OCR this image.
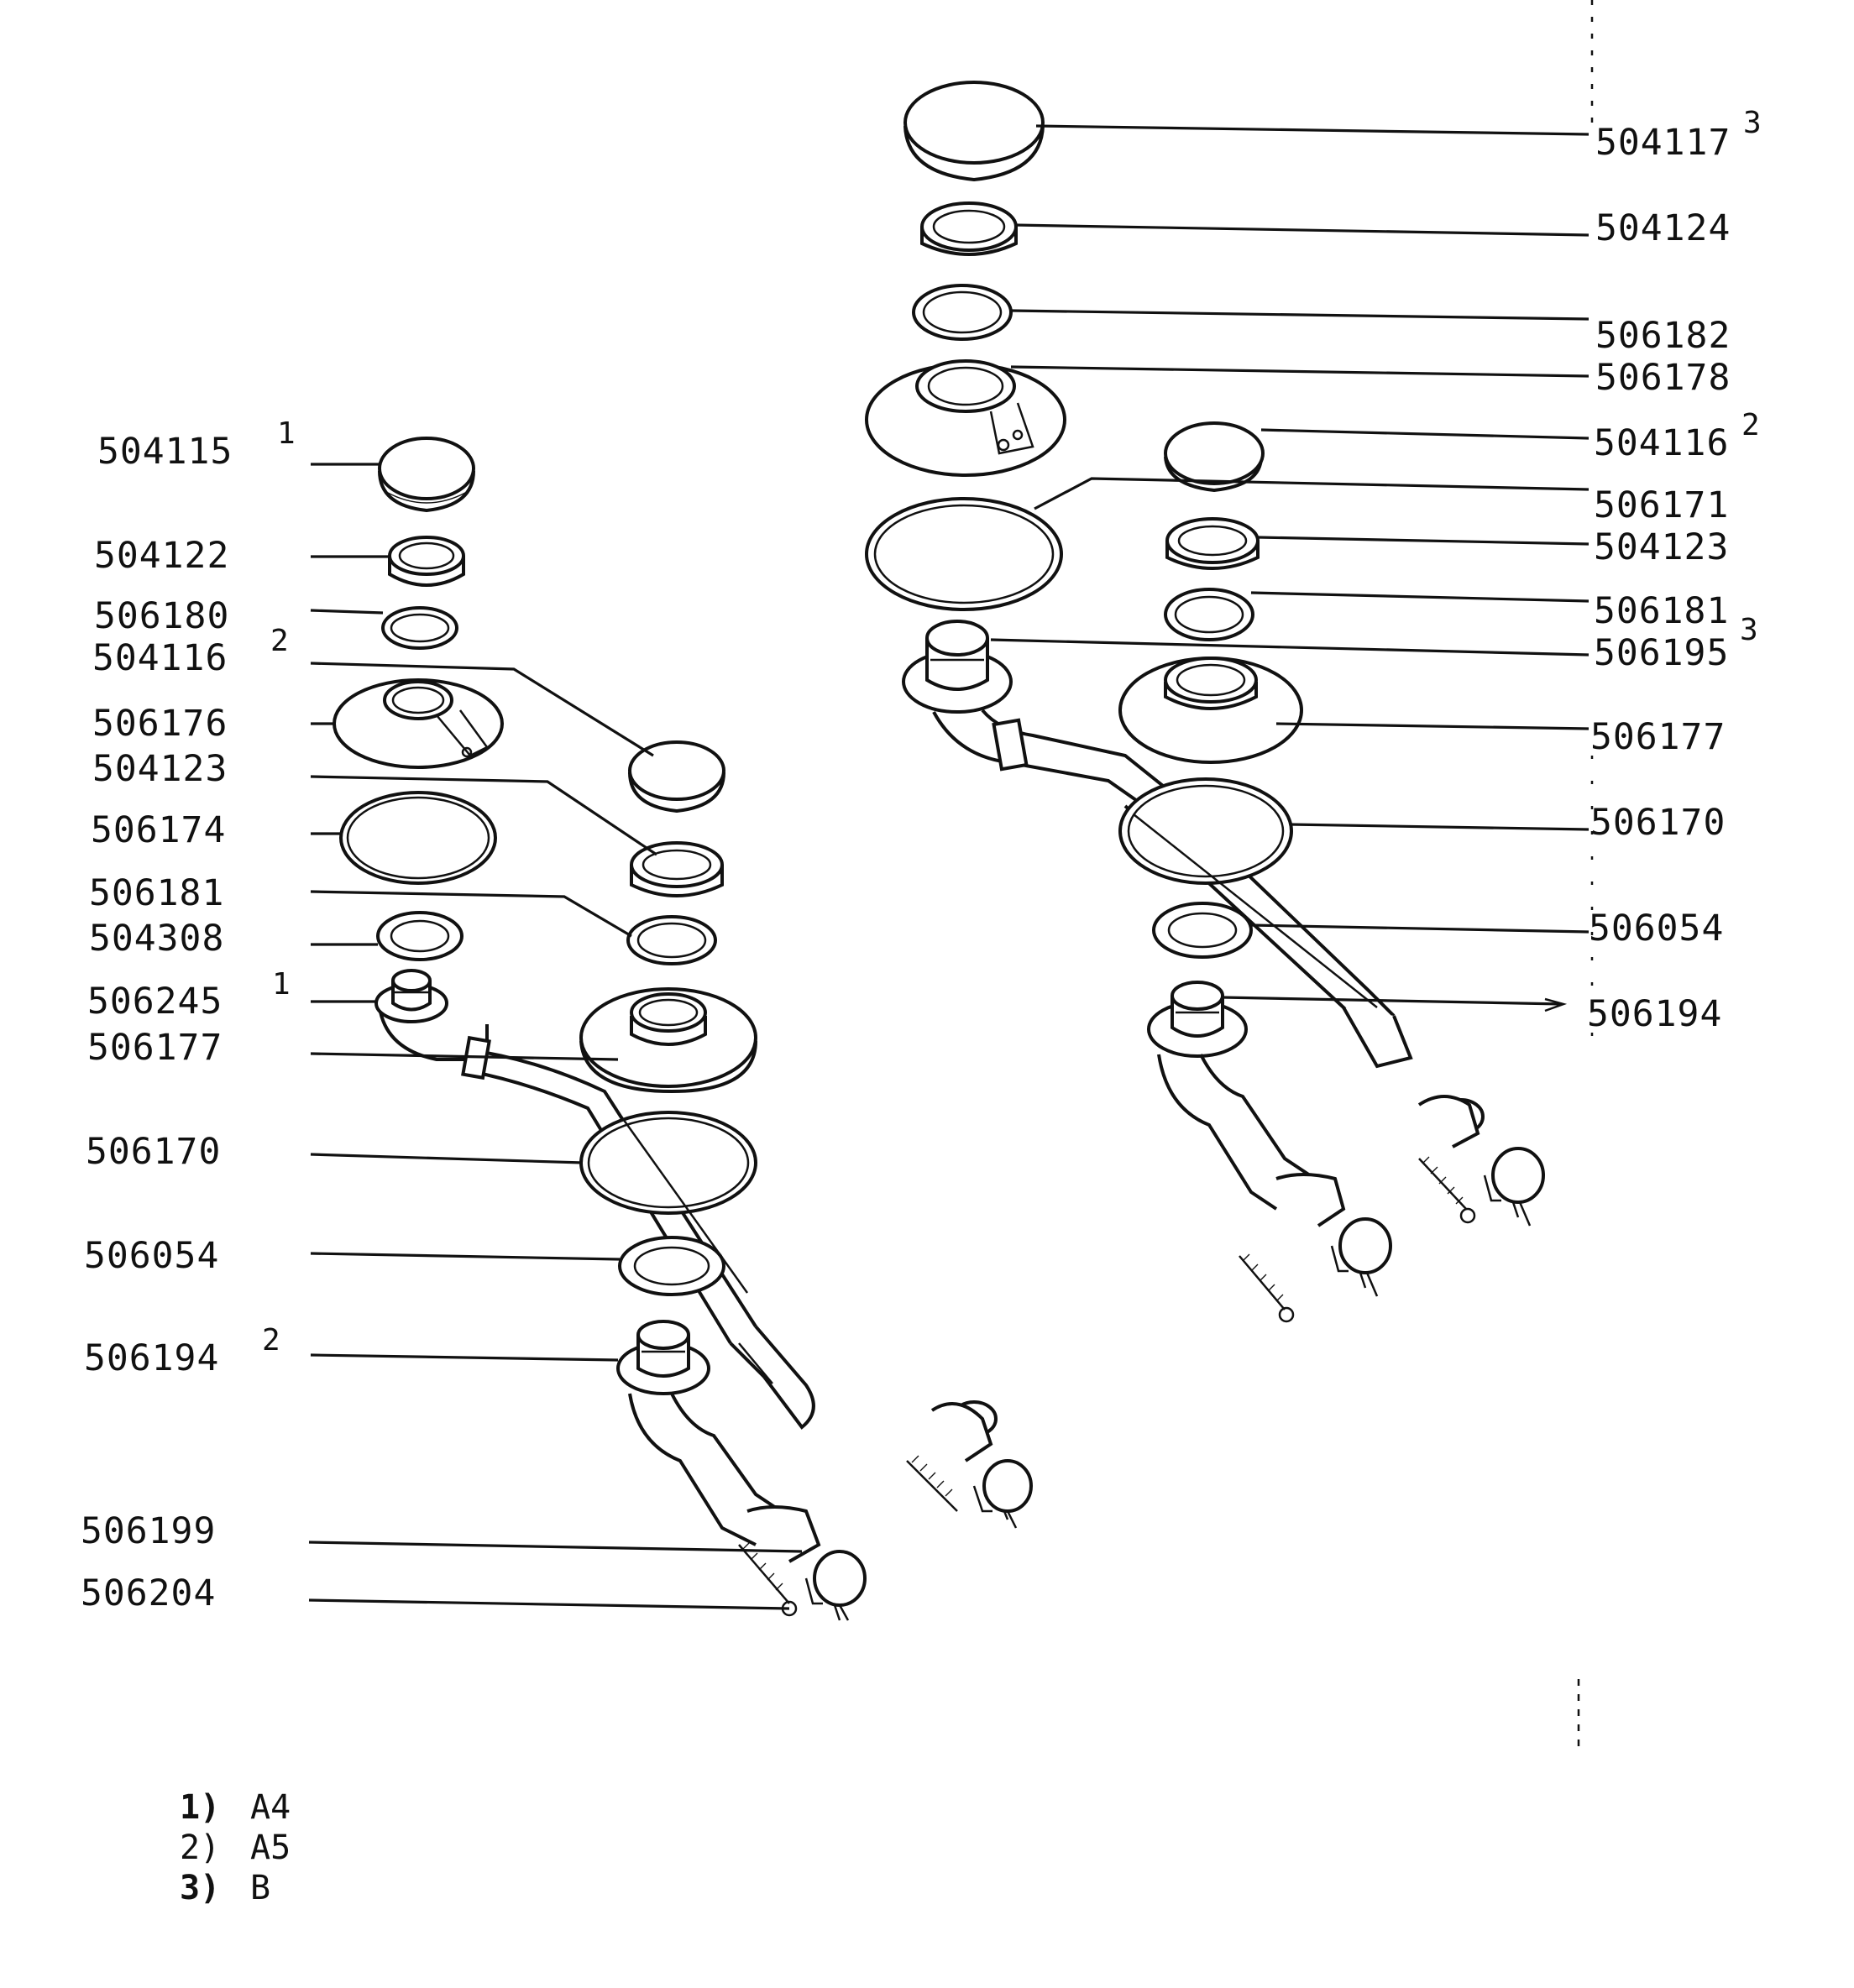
504115 1
504122
506180
504116 2
506176
504123
506174
506181
504308
506245 1
506177
506170
506054
506194 2
506199
506204
504117 3
504124
506182
506178
504116 2
506171
504123
506181 3
506195
506177
506170
506054
506194
1) A4
2) A5
3) B
